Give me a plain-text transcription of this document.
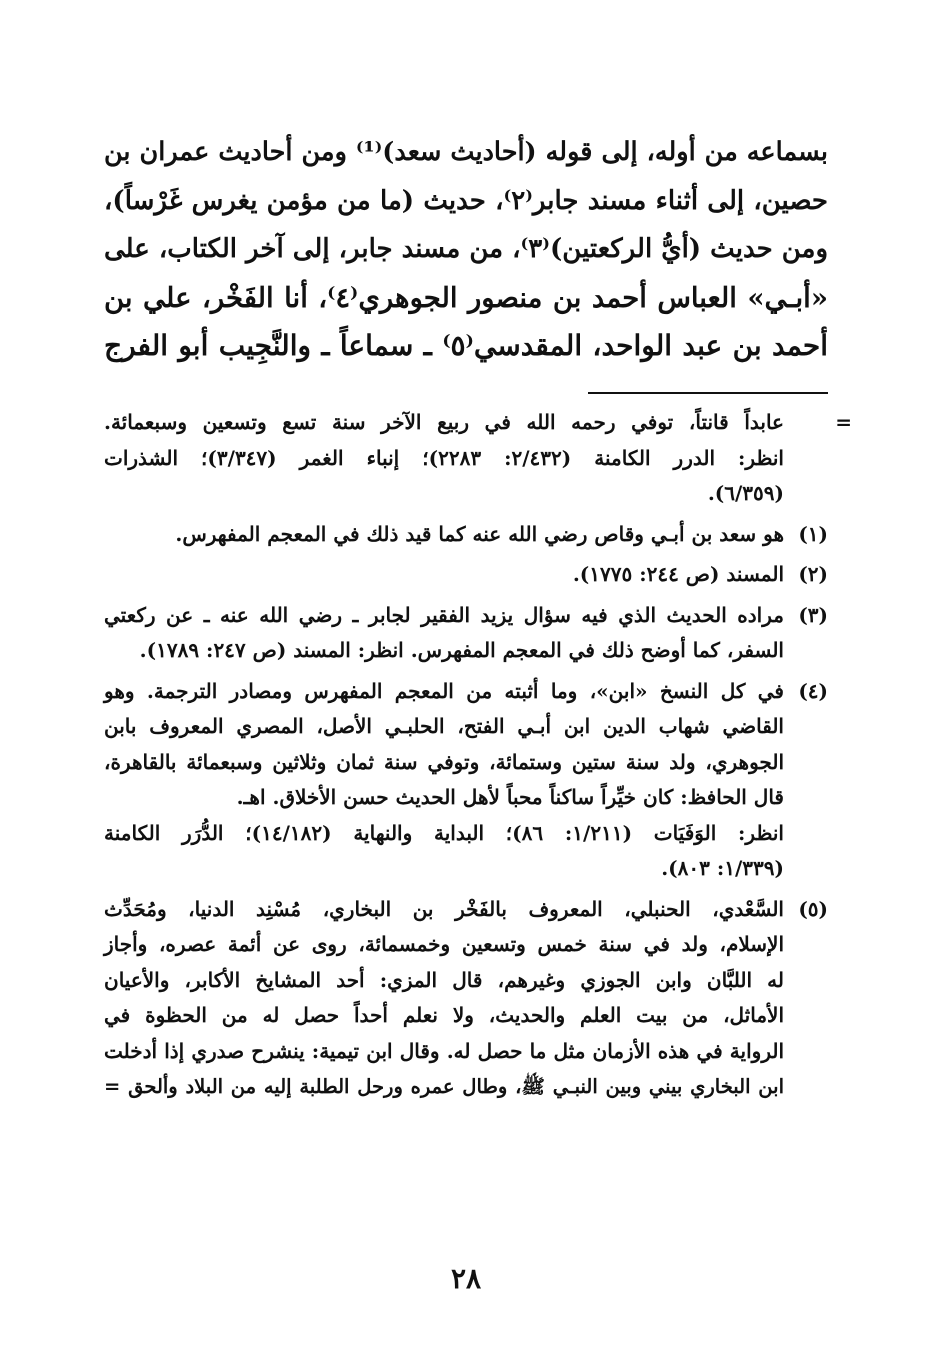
بسماعه من أوله، إلى قوله (أحاديث سعد)⁽¹⁾ ومن أحاديث عمران بن
حصين، إلى أثناء مسند جابر⁽٢⁾، حديث (ما من مؤمن يغرس غَرْساً)،
ومن حديث (أيُّ الركعتين)⁽٣⁾، من مسند جابر، إلى آخر الكتاب، على
«أبـي» العباس أحمد بن منصور الجوهري⁽٤⁾، أنا الفَخْر، علي بن
أحمد بن عبد الواحد، المقدسي⁽٥⁾ ـ سماعاً ـ والنَّجِيب أبو الفرج
=
عابداً قانتاً، توفي رحمه الله في ربيع الآخر سنة تسع وتسعين وسبعمائة.
انظر: الدرر الكامنة (٢/٤٣٢: ٢٢٨٣)؛ إنباء الغمر (٣/٣٤٧)؛ الشذرات
(٦/٣٥٩).
(١)
هو سعد بن أبـي وقاص رضي الله عنه كما قيد ذلك في المعجم المفهرس.
(٢)
المسند (ص ٢٤٤: ١٧٧٥).
(٣)
مراده الحديث الذي فيه سؤال يزيد الفقير لجابر ـ رضي الله عنه ـ عن ركعتي
السفر، كما أوضح ذلك في المعجم المفهرس. انظر: المسند (ص ٢٤٧: ١٧٨٩).
(٤)
في كل النسخ «ابن»، وما أثبته من المعجم المفهرس ومصادر الترجمة. وهو
القاضي شهاب الدين ابن أبـي الفتح، الحلبـي الأصل، المصري المعروف بابن
الجوهري، ولد سنة ستين وستمائة، وتوفي سنة ثمان وثلاثين وسبعمائة بالقاهرة،
قال الحافظ: كان خيِّراً ساكناً محباً لأهل الحديث حسن الأخلاق. اهـ.
انظر: الوَفَيَات (١/٢١١: ٨٦)؛ البداية والنهاية (١٤/١٨٢)؛ الدُّرَر الكامنة
(١/٣٣٩: ٨٠٣).
(٥)
السَّعْدي، الحنبلي، المعروف بالفَخْر بن البخاري، مُسْنِد الدنيا، ومُحَدِّث
الإسلام، ولد في سنة خمس وتسعين وخمسمائة، روى عن أئمة عصره، وأجاز
له اللبَّان وابن الجوزي وغيرهم، قال المزي: أحد المشايخ الأكابر، والأعيان
الأماثل، من بيت العلم والحديث، ولا نعلم أحداً حصل له من الحظوة في
الرواية في هذه الأزمان مثل ما حصل له. وقال ابن تيمية: ينشرح صدري إذا أدخلت
ابن البخاري بيني وبين النبـي ﷺ، وطال عمره ورحل الطلبة إليه من البلاد وألحق =
٢٨
